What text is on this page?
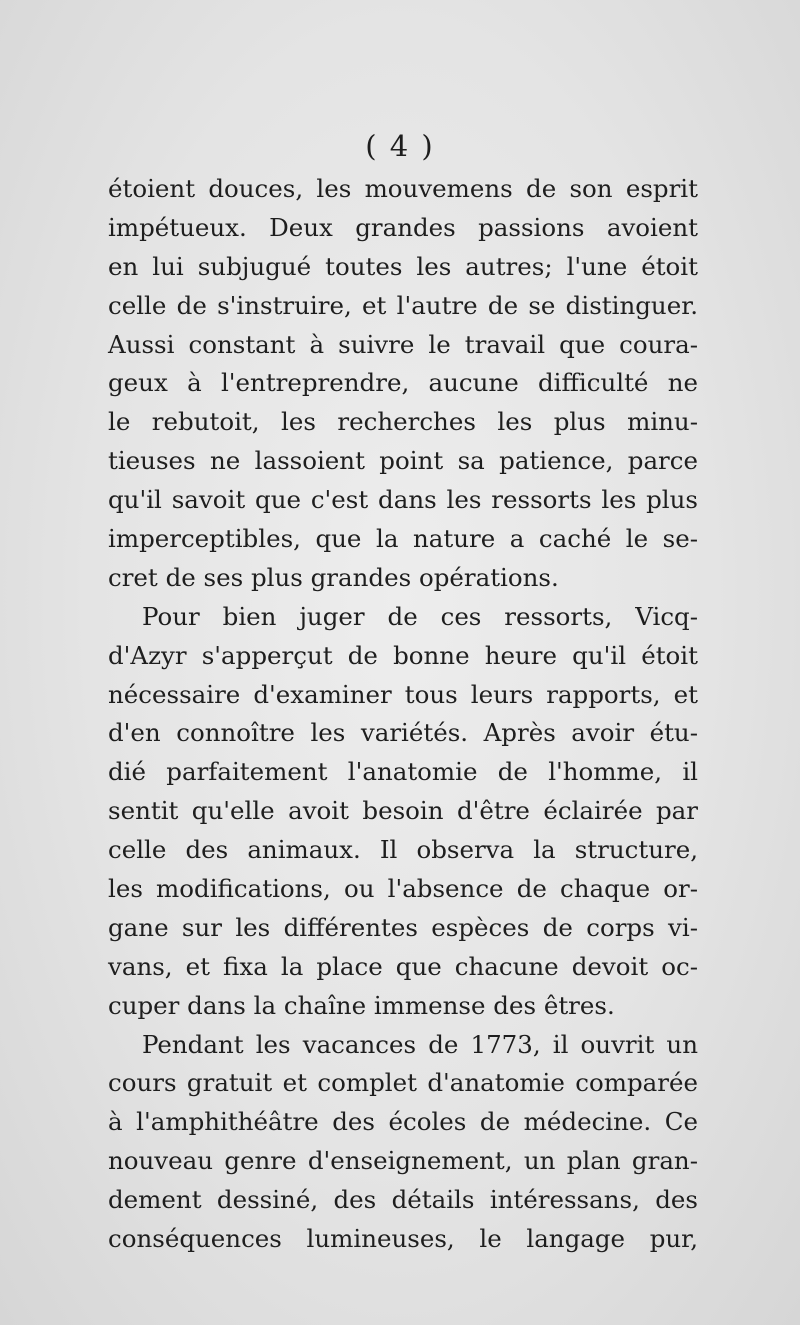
( 4 )
étoient douces, les mouvemens de son esprit
impétueux. Deux grandes passions avoient
en lui subjugué toutes les autres; l'une étoit
celle de s'instruire, et l'autre de se distinguer.
Aussi constant à suivre le travail que coura-
geux à l'entreprendre, aucune difficulté ne
le rebutoit, les recherches les plus minu-
tieuses ne lassoient point sa patience, parce
qu'il savoit que c'est dans les ressorts les plus
imperceptibles, que la nature a caché le se-
cret de ses plus grandes opérations.
Pour bien juger de ces ressorts, Vicq-
d'Azyr s'apperçut de bonne heure qu'il étoit
nécessaire d'examiner tous leurs rapports, et
d'en connoître les variétés. Après avoir étu-
dié parfaitement l'anatomie de l'homme, il
sentit qu'elle avoit besoin d'être éclairée par
celle des animaux. Il observa la structure,
les modifications, ou l'absence de chaque or-
gane sur les différentes espèces de corps vi-
vans, et fixa la place que chacune devoit oc-
cuper dans la chaîne immense des êtres.
Pendant les vacances de 1773, il ouvrit un
cours gratuit et complet d'anatomie comparée
à l'amphithéâtre des écoles de médecine. Ce
nouveau genre d'enseignement, un plan gran-
dement dessiné, des détails intéressans, des
conséquences lumineuses, le langage pur,
